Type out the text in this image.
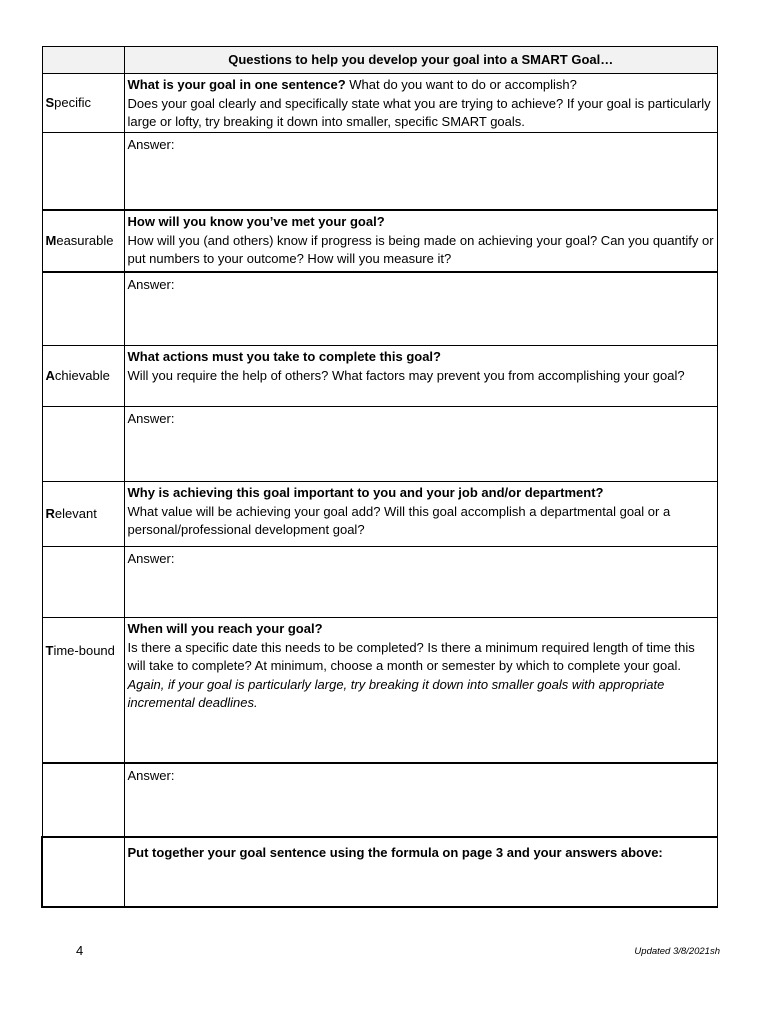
	Questions to help you develop your goal into a SMART Goal…
Specific	What is your goal in one sentence? What do you want to do or accomplish?
Does your goal clearly and specifically state what you are trying to achieve? If your goal is particularly large or lofty, try breaking it down into smaller, specific SMART goals.
	Answer:
Measurable	How will you know you’ve met your goal?
How will you (and others) know if progress is being made on achieving your goal? Can you quantify or put numbers to your outcome? How will you measure it?
	Answer:
Achievable	What actions must you take to complete this goal?
Will you require the help of others? What factors may prevent you from accomplishing your goal?
	Answer:
Relevant	Why is achieving this goal important to you and your job and/or department?
What value will be achieving your goal add? Will this goal accomplish a departmental goal or a personal/professional development goal?
	Answer:
Time-bound	When will you reach your goal?
Is there a specific date this needs to be completed? Is there a minimum required length of time this will take to complete? At minimum, choose a month or semester by which to complete your goal. Again, if your goal is particularly large, try breaking it down into smaller goals with appropriate incremental deadlines.
	Answer:
	Put together your goal sentence using the formula on page 3 and your answers above:
4	Updated 3/8/2021sh
